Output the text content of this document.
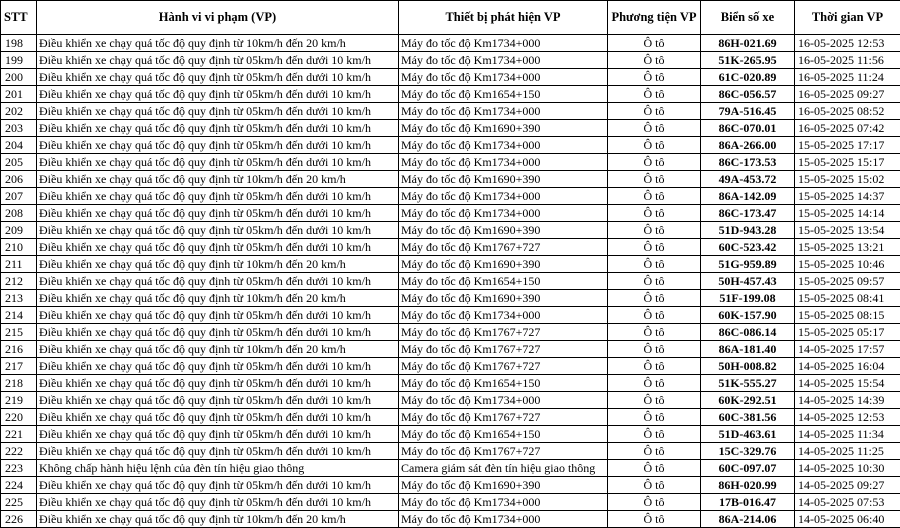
STT	Hành vi vi phạm (VP)	Thiết bị phát hiện VP	Phương tiện VP	Biển số xe	Thời gian VP
198	Điều khiển xe chạy quá tốc độ quy định từ 10km/h đến 20 km/h	Máy đo tốc độ Km1734+000	Ô tô	86H-021.69	16-05-2025 12:53
199	Điều khiển xe chạy quá tốc độ quy định từ 05km/h đến dưới 10 km/h	Máy đo tốc độ Km1734+000	Ô tô	51K-265.95	16-05-2025 11:56
200	Điều khiển xe chạy quá tốc độ quy định từ 05km/h đến dưới 10 km/h	Máy đo tốc độ Km1734+000	Ô tô	61C-020.89	16-05-2025 11:24
201	Điều khiển xe chạy quá tốc độ quy định từ 05km/h đến dưới 10 km/h	Máy đo tốc độ Km1654+150	Ô tô	86C-056.57	16-05-2025 09:27
202	Điều khiển xe chạy quá tốc độ quy định từ 05km/h đến dưới 10 km/h	Máy đo tốc độ Km1734+000	Ô tô	79A-516.45	16-05-2025 08:52
203	Điều khiển xe chạy quá tốc độ quy định từ 05km/h đến dưới 10 km/h	Máy đo tốc độ Km1690+390	Ô tô	86C-070.01	16-05-2025 07:42
204	Điều khiển xe chạy quá tốc độ quy định từ 05km/h đến dưới 10 km/h	Máy đo tốc độ Km1734+000	Ô tô	86A-266.00	15-05-2025 17:17
205	Điều khiển xe chạy quá tốc độ quy định từ 05km/h đến dưới 10 km/h	Máy đo tốc độ Km1734+000	Ô tô	86C-173.53	15-05-2025 15:17
206	Điều khiển xe chạy quá tốc độ quy định từ 10km/h đến 20 km/h	Máy đo tốc độ Km1690+390	Ô tô	49A-453.72	15-05-2025 15:02
207	Điều khiển xe chạy quá tốc độ quy định từ 05km/h đến dưới 10 km/h	Máy đo tốc độ Km1734+000	Ô tô	86A-142.09	15-05-2025 14:37
208	Điều khiển xe chạy quá tốc độ quy định từ 05km/h đến dưới 10 km/h	Máy đo tốc độ Km1734+000	Ô tô	86C-173.47	15-05-2025 14:14
209	Điều khiển xe chạy quá tốc độ quy định từ 05km/h đến dưới 10 km/h	Máy đo tốc độ Km1690+390	Ô tô	51D-943.28	15-05-2025 13:54
210	Điều khiển xe chạy quá tốc độ quy định từ 05km/h đến dưới 10 km/h	Máy đo tốc độ Km1767+727	Ô tô	60C-523.42	15-05-2025 13:21
211	Điều khiển xe chạy quá tốc độ quy định từ 10km/h đến 20 km/h	Máy đo tốc độ Km1690+390	Ô tô	51G-959.89	15-05-2025 10:46
212	Điều khiển xe chạy quá tốc độ quy định từ 05km/h đến dưới 10 km/h	Máy đo tốc độ Km1654+150	Ô tô	50H-457.43	15-05-2025 09:57
213	Điều khiển xe chạy quá tốc độ quy định từ 10km/h đến 20 km/h	Máy đo tốc độ Km1690+390	Ô tô	51F-199.08	15-05-2025 08:41
214	Điều khiển xe chạy quá tốc độ quy định từ 05km/h đến dưới 10 km/h	Máy đo tốc độ Km1734+000	Ô tô	60K-157.90	15-05-2025 08:15
215	Điều khiển xe chạy quá tốc độ quy định từ 05km/h đến dưới 10 km/h	Máy đo tốc độ Km1767+727	Ô tô	86C-086.14	15-05-2025 05:17
216	Điều khiển xe chạy quá tốc độ quy định từ 10km/h đến 20 km/h	Máy đo tốc độ Km1767+727	Ô tô	86A-181.40	14-05-2025 17:57
217	Điều khiển xe chạy quá tốc độ quy định từ 05km/h đến dưới 10 km/h	Máy đo tốc độ Km1767+727	Ô tô	50H-008.82	14-05-2025 16:04
218	Điều khiển xe chạy quá tốc độ quy định từ 05km/h đến dưới 10 km/h	Máy đo tốc độ Km1654+150	Ô tô	51K-555.27	14-05-2025 15:54
219	Điều khiển xe chạy quá tốc độ quy định từ 05km/h đến dưới 10 km/h	Máy đo tốc độ Km1734+000	Ô tô	60K-292.51	14-05-2025 14:39
220	Điều khiển xe chạy quá tốc độ quy định từ 05km/h đến dưới 10 km/h	Máy đo tốc độ Km1767+727	Ô tô	60C-381.56	14-05-2025 12:53
221	Điều khiển xe chạy quá tốc độ quy định từ 05km/h đến dưới 10 km/h	Máy đo tốc độ Km1654+150	Ô tô	51D-463.61	14-05-2025 11:34
222	Điều khiển xe chạy quá tốc độ quy định từ 05km/h đến dưới 10 km/h	Máy đo tốc độ Km1767+727	Ô tô	15C-329.76	14-05-2025 11:25
223	Không chấp hành hiệu lệnh của đèn tín hiệu giao thông	Camera giám sát đèn tín hiệu giao thông	Ô tô	60C-097.07	14-05-2025 10:30
224	Điều khiển xe chạy quá tốc độ quy định từ 05km/h đến dưới 10 km/h	Máy đo tốc độ Km1690+390	Ô tô	86H-020.99	14-05-2025 09:27
225	Điều khiển xe chạy quá tốc độ quy định từ 05km/h đến dưới 10 km/h	Máy đo tốc độ Km1734+000	Ô tô	17B-016.47	14-05-2025 07:53
226	Điều khiển xe chạy quá tốc độ quy định từ 10km/h đến 20 km/h	Máy đo tốc độ Km1734+000	Ô tô	86A-214.06	14-05-2025 06:40
